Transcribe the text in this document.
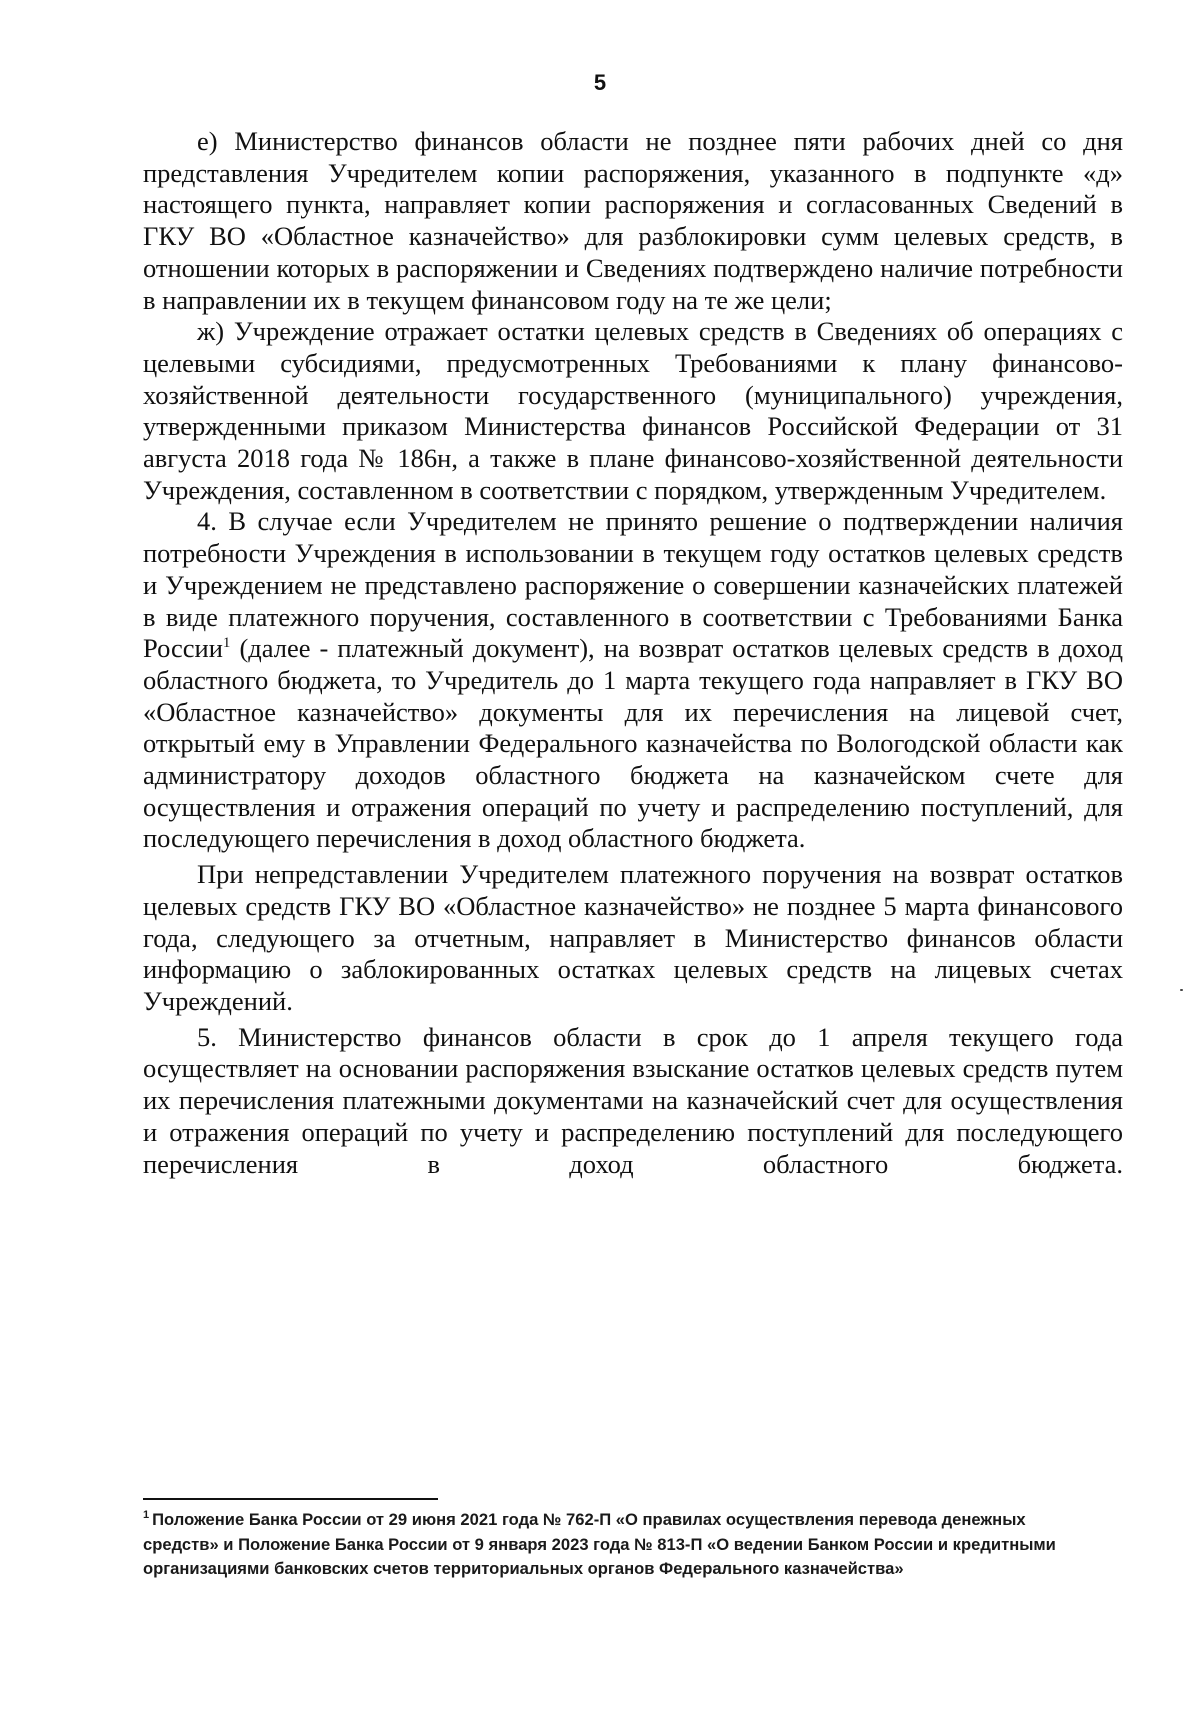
5

е) Министерство финансов области не позднее пяти рабочих дней со дня представления Учредителем копии распоряжения, указанного в подпункте «д» настоящего пункта, направляет копии распоряжения и согласованных Сведений в ГКУ ВО «Областное казначейство» для разблокировки сумм целевых средств, в отношении которых в распоряжении и Сведениях подтверждено наличие потребности в направлении их в текущем финансовом году на те же цели;

ж) Учреждение отражает остатки целевых средств в Сведениях об операциях с целевыми субсидиями, предусмотренных Требованиями к плану финансово-хозяйственной деятельности государственного (муниципального) учреждения, утвержденными приказом Министерства финансов Российской Федерации от 31 августа 2018 года № 186н, а также в плане финансово-хозяйственной деятельности Учреждения, составленном в соответствии с порядком, утвержденным Учредителем.

4. В случае если Учредителем не принято решение о подтверждении наличия потребности Учреждения в использовании в текущем году остатков целевых средств и Учреждением не представлено распоряжение о совершении казначейских платежей в виде платежного поручения, составленного в соответствии с Требованиями Банка России$^1$ (далее - платежный документ), на возврат остатков целевых средств в доход областного бюджета, то Учредитель до 1 марта текущего года направляет в ГКУ ВО «Областное казначейство» документы для их перечисления на лицевой счет, открытый ему в Управлении Федерального казначейства по Вологодской области как администратору доходов областного бюджета на казначейском счете для осуществления и отражения операций по учету и распределению поступлений, для последующего перечисления в доход областного бюджета.

При непредставлении Учредителем платежного поручения на возврат остатков целевых средств ГКУ ВО «Областное казначейство» не позднее 5 марта финансового года, следующего за отчетным, направляет в Министерство финансов области информацию о заблокированных остатках целевых средств на лицевых счетах Учреждений.

5. Министерство финансов области в срок до 1 апреля текущего года осуществляет на основании распоряжения взыскание остатков целевых средств путем их перечисления платежными документами на казначейский счет для осуществления и отражения операций по учету и распределению поступлений для последующего перечисления в доход областного бюджета.

$^1$ Положение Банка России от 29 июня 2021 года № 762-П «О правилах осуществления перевода денежных средств» и Положение Банка России от 9 января 2023 года № 813-П «О ведении Банком России и кредитными организациями банковских счетов территориальных органов Федерального казначейства»
